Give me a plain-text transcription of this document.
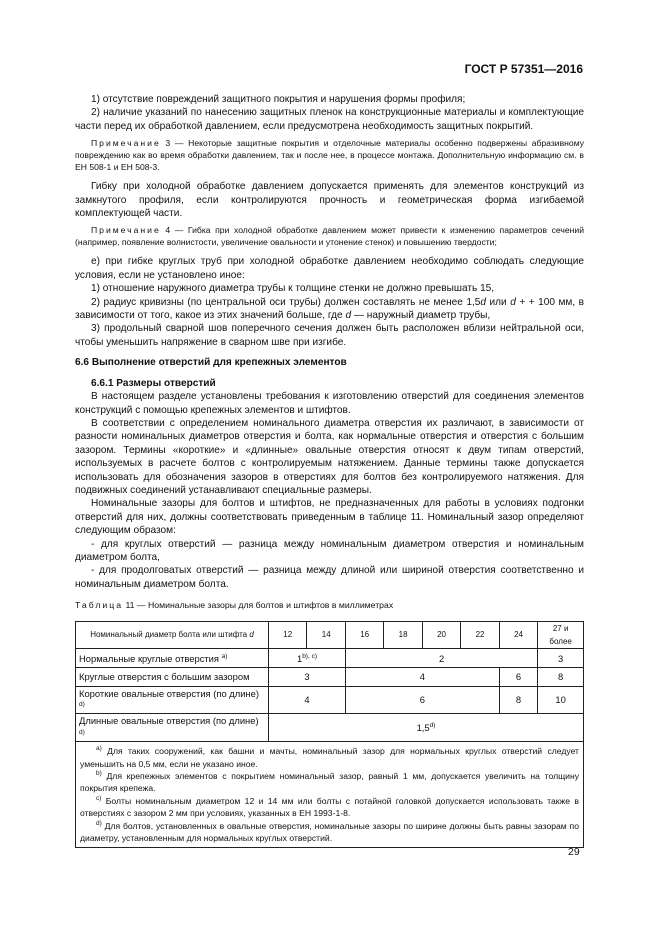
ГОСТ Р 57351—2016

1) отсутствие повреждений защитного покрытия и нарушения формы профиля;

2) наличие указаний по нанесению защитных пленок на конструкционные материалы и комплектующие части перед их обработкой давлением, если предусмотрена необходимость защитных покрытий.

Примечание 3 — Некоторые защитные покрытия и отделочные материалы особенно подвержены абразивному повреждению как во время обработки давлением, так и после нее, в процессе монтажа. Дополнительную информацию см. в ЕН 508-1 и ЕН 508-3.

Гибку при холодной обработке давлением допускается применять для элементов конструкций из замкнутого профиля, если контролируются прочность и геометрическая форма изгибаемой комплектующей части.

Примечание 4 — Гибка при холодной обработке давлением может привести к изменению параметров сечений (например, появление волнистости, увеличение овальности и утонение стенок) и повышению твердости;

е) при гибке круглых труб при холодной обработке давлением необходимо соблюдать следующие условия, если не установлено иное:

1) отношение наружного диаметра трубы к толщине стенки не должно превышать 15,

2) радиус кривизны (по центральной оси трубы) должен составлять не менее 1,5d или d + + 100 мм, в зависимости от того, какое из этих значений больше, где d — наружный диаметр трубы,

3) продольный сварной шов поперечного сечения должен быть расположен вблизи нейтральной оси, чтобы уменьшить напряжение в сварном шве при изгибе.

6.6 Выполнение отверстий для крепежных элементов

6.6.1 Размеры отверстий

В настоящем разделе установлены требования к изготовлению отверстий для соединения элементов конструкций с помощью крепежных элементов и штифтов.

В соответствии с определением номинального диаметра отверстия их различают, в зависимости от разности номинальных диаметров отверстия и болта, как нормальные отверстия и отверстия с большим зазором. Термины «короткие» и «длинные» овальные отверстия относят к двум типам отверстий, используемых в расчете болтов с контролируемым натяжением. Данные термины также допускается использовать для обозначения зазоров в отверстиях для болтов без контролируемого натяжения. Для подвижных соединений устанавливают специальные размеры.

Номинальные зазоры для болтов и штифтов, не предназначенных для работы в условиях подгонки отверстий для них, должны соответствовать приведенным в таблице 11. Номинальный зазор определяют следующим образом:

- для круглых отверстий — разница между номинальным диаметром отверстия и номинальным диаметром болта,

- для продолговатых отверстий — разница между длиной или шириной отверстия соответственно и номинальным диаметром болта.

Таблица 11 — Номинальные зазоры для болтов и штифтов в миллиметрах

Номинальный диаметр болта или штифта d	12	14	16	18	20	22	24	27 и более
Нормальные круглые отверстия $^{a)}$	$1^{b), c)}$		2					3
Круглые отверстия с большим зазором	3		4				6	8
Короткие овальные отверстия (по длине) $^{d)}$	4		6				8	10
Длинные овальные отверстия (по длине) $^{d)}$	1,5$^{d)}$

$^{a)}$ Для таких сооружений, как башни и мачты, номинальный зазор для нормальных круглых отверстий следует уменьшить на 0,5 мм, если не указано иное.
$^{b)}$ Для крепежных элементов с покрытием номинальный зазор, равный 1 мм, допускается увеличить на толщину покрытия крепежа.
$^{c)}$ Болты номинальным диаметром 12 и 14 мм или болты с потайной головкой допускается использовать также в отверстиях с зазором 2 мм при условиях, указанных в ЕН 1993-1-8.
$^{d)}$ Для болтов, установленных в овальные отверстия, номинальные зазоры по ширине должны быть равны зазорам по диаметру, установленным для нормальных круглых отверстий.								
29
